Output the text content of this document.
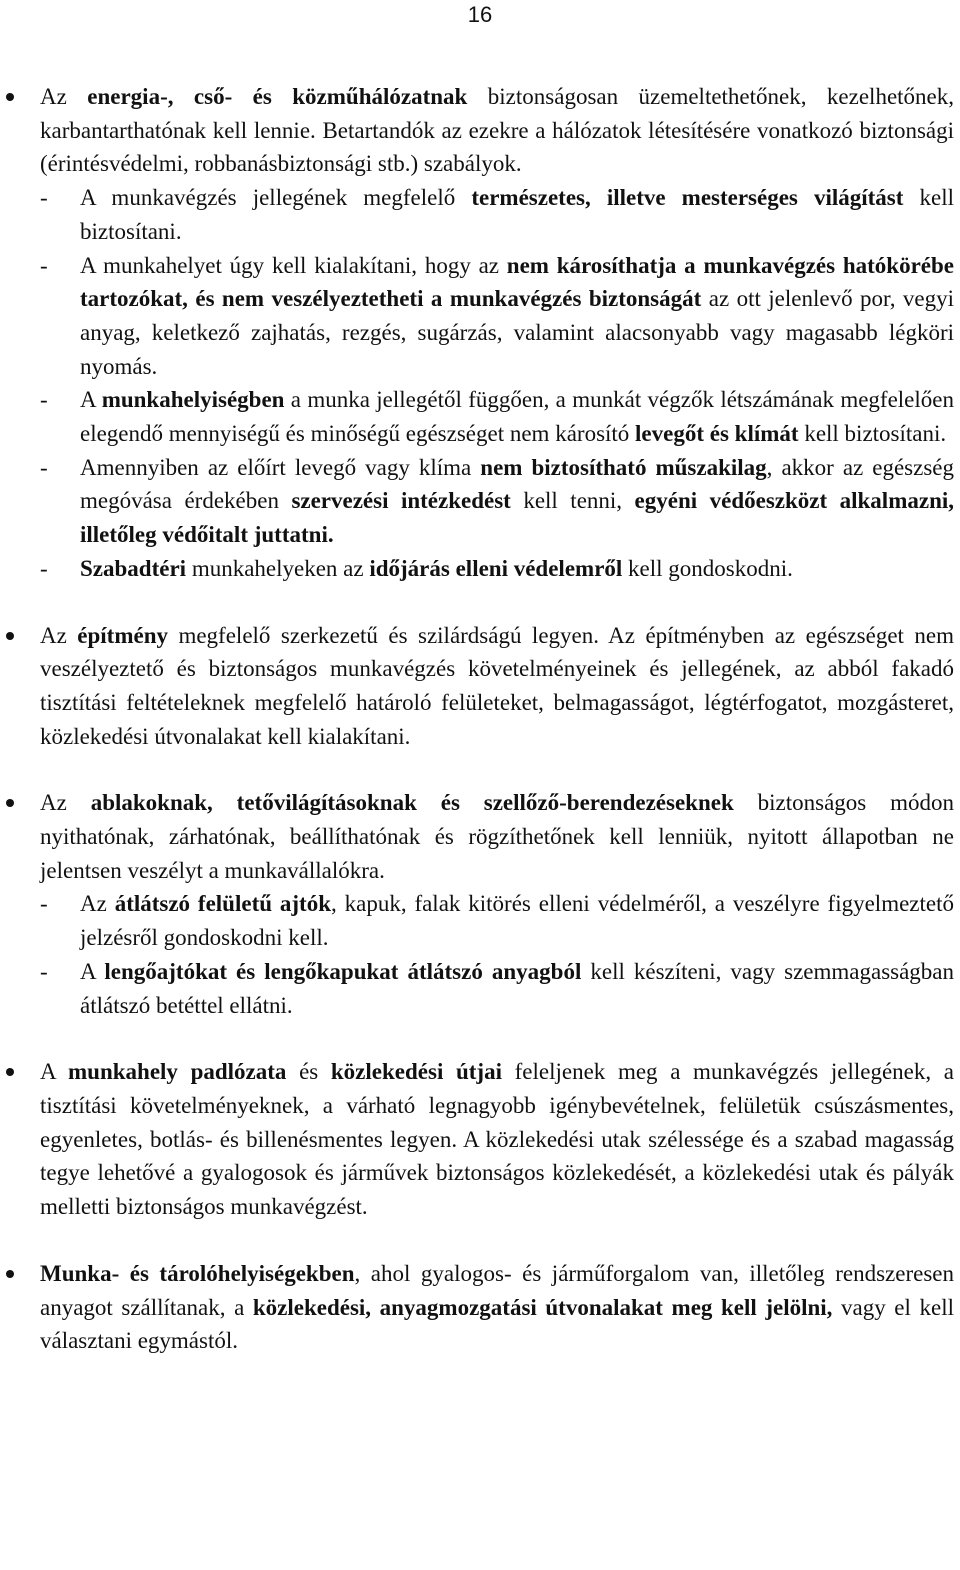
16

Az energia-, cső- és közműhálózatnak biztonságosan üzemeltethetőnek, kezelhetőnek, karbantarthatónak kell lennie. Betartandók az ezekre a hálózatok létesítésére vonatkozó biztonsági (érintésvédelmi, robbanásbiztonsági stb.) szabályok.

- A munkavégzés jellegének megfelelő természetes, illetve mesterséges világítást kell biztosítani.

- A munkahelyet úgy kell kialakítani, hogy az nem károsíthatja a munkavégzés hatókörébe tartozókat, és nem veszélyeztetheti a munkavégzés biztonságát az ott jelenlevő por, vegyi anyag, keletkező zajhatás, rezgés, sugárzás, valamint alacsonyabb vagy magasabb légköri nyomás.

- A munkahelyiségben a munka jellegétől függően, a munkát végzők létszámának megfelelően elegendő mennyiségű és minőségű egészséget nem károsító levegőt és klímát kell biztosítani.

- Amennyiben az előírt levegő vagy klíma nem biztosítható műszakilag, akkor az egészség megóvása érdekében szervezési intézkedést kell tenni, egyéni védőeszközt alkalmazni, illetőleg védőitalt juttatni.

- Szabadtéri munkahelyeken az időjárás elleni védelemről kell gondoskodni.

Az építmény megfelelő szerkezetű és szilárdságú legyen. Az építményben az egészséget nem veszélyeztető és biztonságos munkavégzés követelményeinek és jellegének, az abból fakadó tisztítási feltételeknek megfelelő határoló felületeket, belmagasságot, légtérfogatot, mozgásteret, közlekedési útvonalakat kell kialakítani.

Az ablakoknak, tetővilágításoknak és szellőző-berendezéseknek biztonságos módon nyithatónak, zárhatónak, beállíthatónak és rögzíthetőnek kell lenniük, nyitott állapotban ne jelentsen veszélyt a munkavállalókra.

- Az átlátszó felületű ajtók, kapuk, falak kitörés elleni védelméről, a veszélyre figyelmeztető jelzésről gondoskodni kell.

- A lengőajtókat és lengőkapukat átlátszó anyagból kell készíteni, vagy szemmagasságban átlátszó betéttel ellátni.

A munkahely padlózata és közlekedési útjai feleljenek meg a munkavégzés jellegének, a tisztítási követelményeknek, a várható legnagyobb igénybevételnek, felületük csúszásmentes, egyenletes, botlás- és billenésmentes legyen. A közlekedési utak szélessége és a szabad magasság tegye lehetővé a gyalogosok és járművek biztonságos közlekedését, a közlekedési utak és pályák melletti biztonságos munkavégzést.

Munka- és tárolóhelyiségekben, ahol gyalogos- és járműforgalom van, illetőleg rendszeresen anyagot szállítanak, a közlekedési, anyagmozgatási útvonalakat meg kell jelölni, vagy el kell választani egymástól.
